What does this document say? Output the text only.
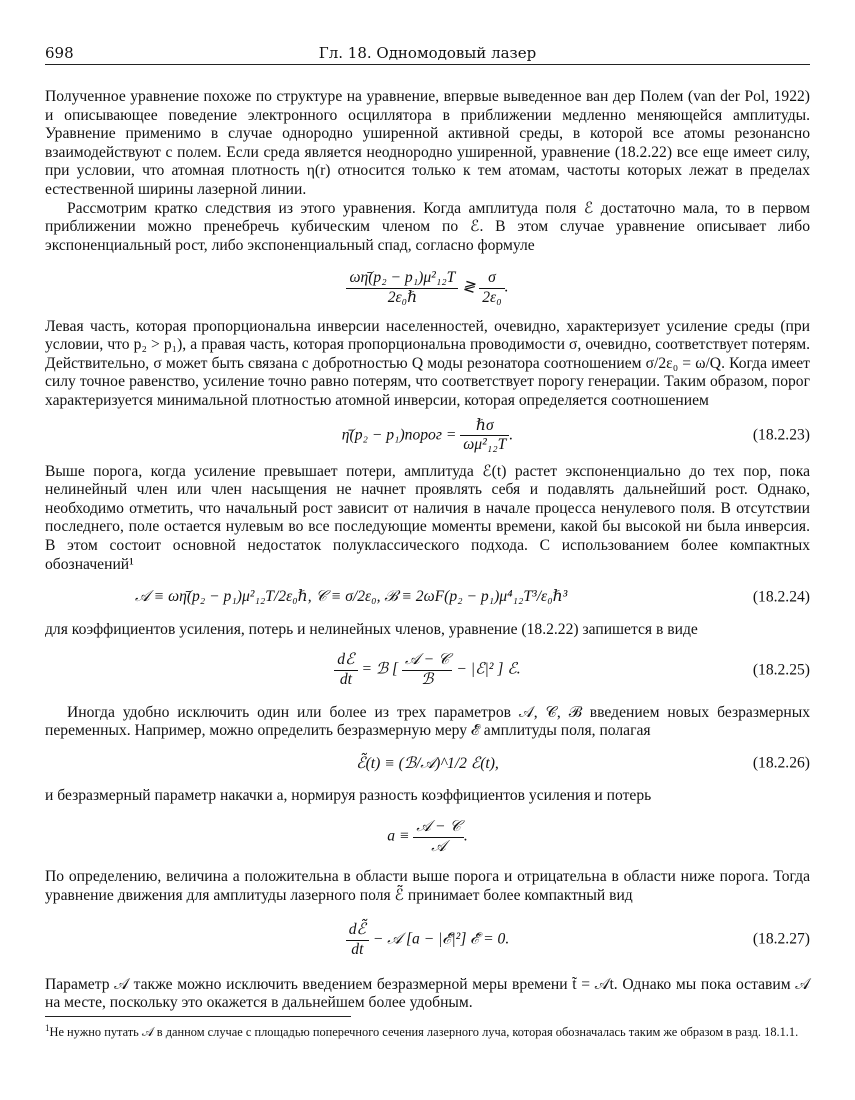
698	Гл. 18. Одномодовый лазер

Полученное уравнение похоже по структуре на уравнение, впервые выведенное ван дер Полем (van der Pol, 1922) и описывающее поведение электронного осциллятора в приближении медленно меняющейся амплитуды. Уравнение применимо в случае однородно уширенной активной среды, в которой все атомы резонансно взаимодействуют с полем. Если среда является неоднородно уширенной, уравнение (18.2.22) все еще имеет силу, при условии, что атомная плотность η(r) относится только к тем атомам, частоты которых лежат в пределах естественной ширины лазерной линии.

Рассмотрим кратко следствия из этого уравнения. Когда амплитуда поля ℰ достаточно мала, то в первом приближении можно пренебречь кубическим членом по ℰ. В этом случае уравнение описывает либо экспоненциальный рост, либо экспоненциальный спад, согласно формуле

$\frac{\text{ωη̄(p₂ − p₁)μ²₁₂T}}{\text{2ε₀ℏ}}$ ≷ $\frac{\sigma}{\text{2ε₀}}$ .

Левая часть, которая пропорциональна инверсии населенностей, очевидно, характеризует усиление среды (при условии, что p₂ > p₁), а правая часть, которая пропорциональна проводимости σ, очевидно, соответствует потерям. Действительно, σ может быть связана с добротностью Q моды резонатора соотношением σ/2ε₀ = ω/Q. Когда имеет силу точное равенство, усиление точно равно потерям, что соответствует порогу генерации. Таким образом, порог характеризуется минимальной плотностью атомной инверсии, которая определяется соотношением

η̄(p₂ − p₁)порог = $\frac{\text{ℏσ}}{\text{ωμ²₁₂T}}$ .	(18.2.23)

Выше порога, когда усиление превышает потери, амплитуда ℰ(t) растет экспоненциально до тех пор, пока нелинейный член или член насыщения не начнет проявлять себя и подавлять дальнейший рост. Однако, необходимо отметить, что начальный рост зависит от наличия в начале процесса ненулевого поля. В отсутствии последнего, поле остается нулевым во все последующие моменты времени, какой бы высокой ни была инверсия. В этом состоит основной недостаток полуклассического подхода. С использованием более компактных обозначений¹

𝒜 ≡ ωη̄(p₂ − p₁)μ²₁₂T/2ε₀ℏ, 𝒞 ≡ σ/2ε₀, ℬ ≡ 2ωF(p₂ − p₁)μ⁴₁₂T³/ε₀ℏ³	(18.2.24)

для коэффициентов усиления, потерь и нелинейных членов, уравнение (18.2.22) запишется в виде

$\frac{\text{dℰ}}{dt}$ = ℬ [ $\frac{\text{𝒜 − 𝒞}}{\text{ℬ}}$ − |ℰ|² ] ℰ.	(18.2.25)

Иногда удобно исключить один или более из трех параметров 𝒜, 𝒞, ℬ введением новых безразмерных переменных. Например, можно определить безразмерную меру ℰ̃ амплитуды поля, полагая

ℰ̃(t) ≡ (ℬ/𝒜)^1/2 ℰ(t),	(18.2.26)

и безразмерный параметр накачки a, нормируя разность коэффициентов усиления и потерь

$a \equiv \frac{\text{𝒜 − 𝒞}}{\text{𝒜}}$ .

По определению, величина a положительна в области выше порога и отрицательна в области ниже порога. Тогда уравнение движения для амплитуды лазерного поля ℰ̃ принимает более компактный вид

$\frac{\text{dℰ̃}}{dt}$ − 𝒜 [a − |ℰ̃|²] ℰ̃ = 0.	(18.2.27)

Параметр 𝒜 также можно исключить введением безразмерной меры времени t̃ = 𝒜t. Однако мы пока оставим 𝒜 на месте, поскольку это окажется в дальнейшем более удобным.

$^1$Не нужно путать 𝒜 в данном случае с площадью поперечного сечения лазерного луча, которая обозначалась таким же образом в разд. 18.1.1.
